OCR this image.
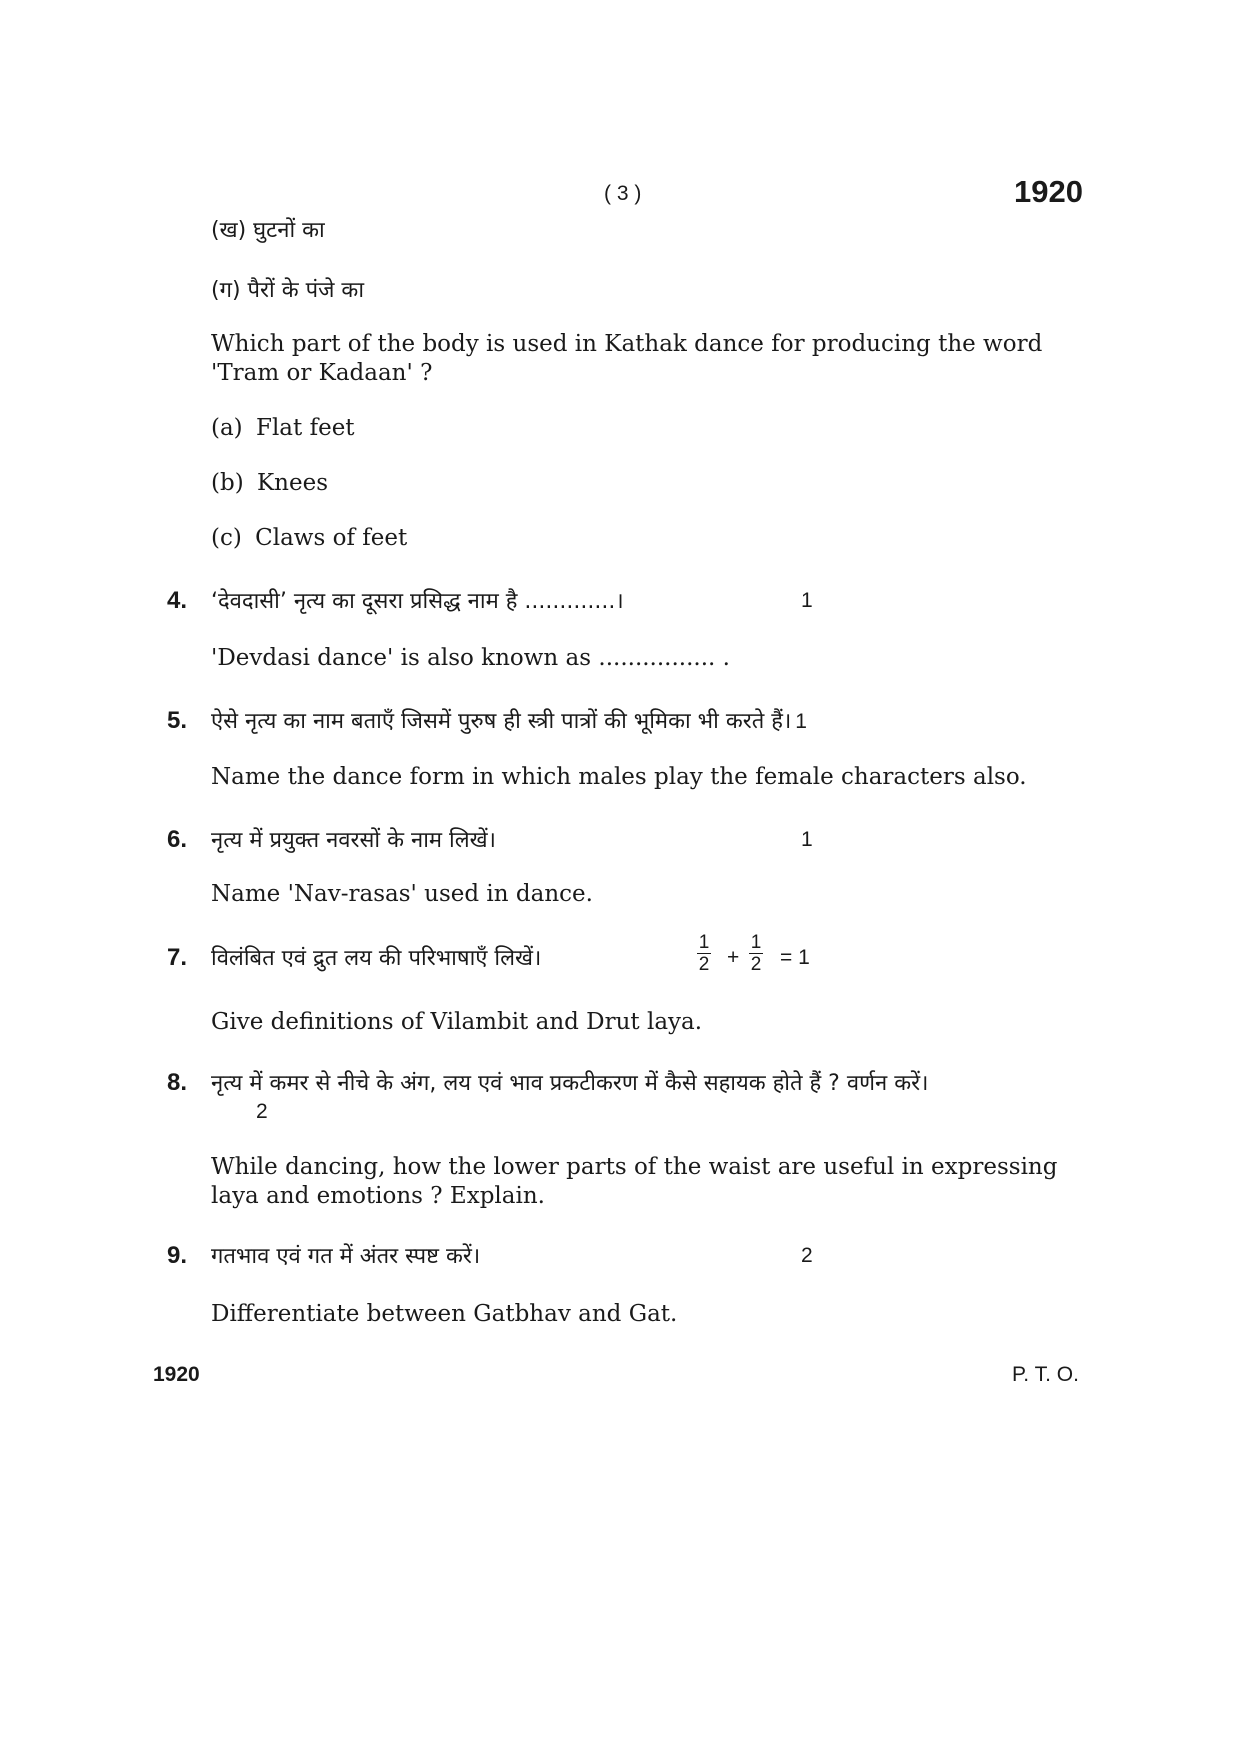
( 3 )	1920
(ख) घुटनों का
(ग) पैरों के पंजे का
Which part of the body is used in Kathak dance for producing the word
'Tram or Kadaan' ?
(a) Flat feet
(b) Knees
(c) Claws of feet
4. ‘देवदासी’ नृत्य का दूसरा प्रसिद्ध नाम है .............।	1
'Devdasi dance' is also known as ................ .
5. ऐसे नृत्य का नाम बताएँ जिसमें पुरुष ही स्त्री पात्रों की भूमिका भी करते हैं। 1
Name the dance form in which males play the female characters also.
6. नृत्य में प्रयुक्त नवरसों के नाम लिखें।	1
Name 'Nav-rasas' used in dance.
7. विलंबित एवं द्रुत लय की परिभाषाएँ लिखें।
1
2 +
1
2 = 1
Give definitions of Vilambit and Drut laya.
8. नृत्य में कमर से नीचे के अंग, लय एवं भाव प्रकटीकरण में कैसे सहायक होते हैं ? वर्णन करें।
2
While dancing, how the lower parts of the waist are useful in expressing
laya and emotions ? Explain.
9. गतभाव एवं गत में अंतर स्पष्ट करें।	2
Differentiate between Gatbhav and Gat.
1920	P. T. O.
